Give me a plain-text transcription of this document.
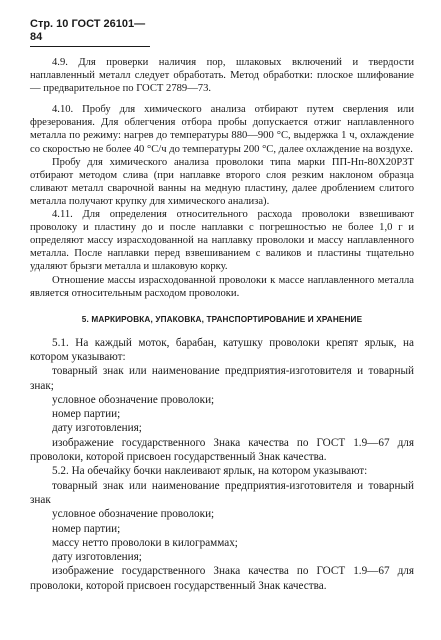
Стр. 10 ГОСТ 26101—84

4.9. Для проверки наличия пор, шлаковых включений и твердости наплавленный металл следует обработать. Метод обработки: плоское шлифование — предварительное по ГОСТ 2789—73.

4.10. Пробу для химического анализа отбирают путем сверления или фрезерования. Для облегчения отбора пробы допускается отжиг наплавленного металла по режиму: нагрев до температуры 880—900 °С, выдержка 1 ч, охлаждение со скоростью не более 40 °С/ч до температуры 200 °С, далее охлаждение на воздухе.

Пробу для химического анализа проволоки типа марки ПП-Нп-80Х20Р3Т отбирают методом слива (при наплавке второго слоя резким наклоном образца сливают металл сварочной ванны на медную пластину, далее дроблением слитого металла получают крупку для химического анализа).

4.11. Для определения относительного расхода проволоки взвешивают проволоку и пластину до и после наплавки с погрешностью не более 1,0 г и определяют массу израсходованной на наплавку проволоки и массу наплавленного металла. После наплавки перед взвешиванием с валиков и пластины тщательно удаляют брызги металла и шлаковую корку.

Отношение массы израсходованной проволоки к массе наплавленного металла является относительным расходом проволоки.

5. МАРКИРОВКА, УПАКОВКА, ТРАНСПОРТИРОВАНИЕ И ХРАНЕНИЕ

5.1. На каждый моток, барабан, катушку проволоки крепят ярлык, на котором указывают:

товарный знак или наименование предприятия-изготовителя и товарный знак;

условное обозначение проволоки;

номер партии;

дату изготовления;

изображение государственного Знака качества по ГОСТ 1.9—67 для проволоки, которой присвоен государственный Знак качества.

5.2. На обечайку бочки наклеивают ярлык, на котором указывают:

товарный знак или наименование предприятия-изготовителя и товарный знак

условное обозначение проволоки;

номер партии;

массу нетто проволоки в килограммах;

дату изготовления;

изображение государственного Знака качества по ГОСТ 1.9—67 для проволоки, которой присвоен государственный Знак качества.
